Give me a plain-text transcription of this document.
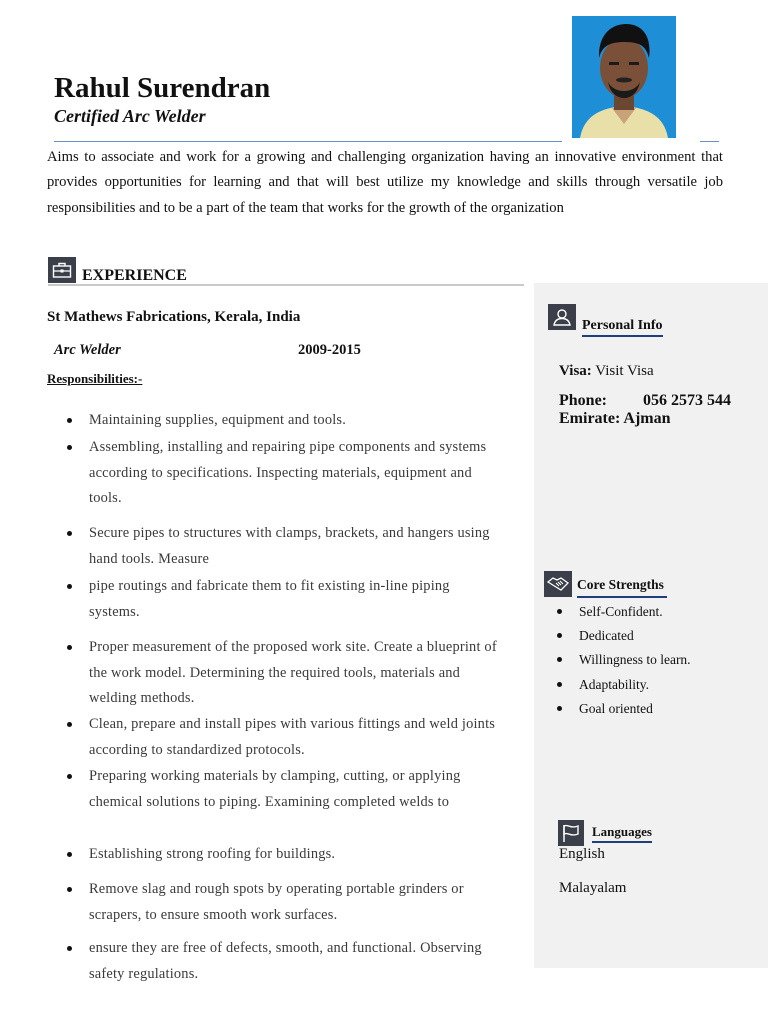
Rahul Surendran
Certified Arc Welder

Aims to associate and work for a growing and challenging organization having an innovative environment that provides opportunities for learning and that will best utilize my knowledge and skills through versatile job responsibilities and to be a part of the team that works for the growth of the organization

EXPERIENCE
St Mathews Fabrications, Kerala, India
Arc Welder	2009-2015
Responsibilities:-
Maintaining supplies, equipment and tools.
Assembling, installing and repairing pipe components and systems according to specifications. Inspecting materials, equipment and tools.
Secure pipes to structures with clamps, brackets, and hangers using hand tools. Measure
pipe routings and fabricate them to fit existing in-line piping systems.
Proper measurement of the proposed work site. Create a blueprint of the work model. Determining the required tools, materials and welding methods.
Clean, prepare and install pipes with various fittings and weld joints according to standardized protocols.
Preparing working materials by clamping, cutting, or applying chemical solutions to piping. Examining completed welds to
Establishing strong roofing for buildings.
Remove slag and rough spots by operating portable grinders or scrapers, to ensure smooth work surfaces.
ensure they are free of defects, smooth, and functional. Observing safety regulations.
Personal Info
Visa: Visit Visa
Phone: 056 2573 544
Emirate: Ajman
Core Strengths
Self-Confident.
Dedicated
Willingness to learn.
Adaptability.
Goal oriented
Languages
English
Malayalam
